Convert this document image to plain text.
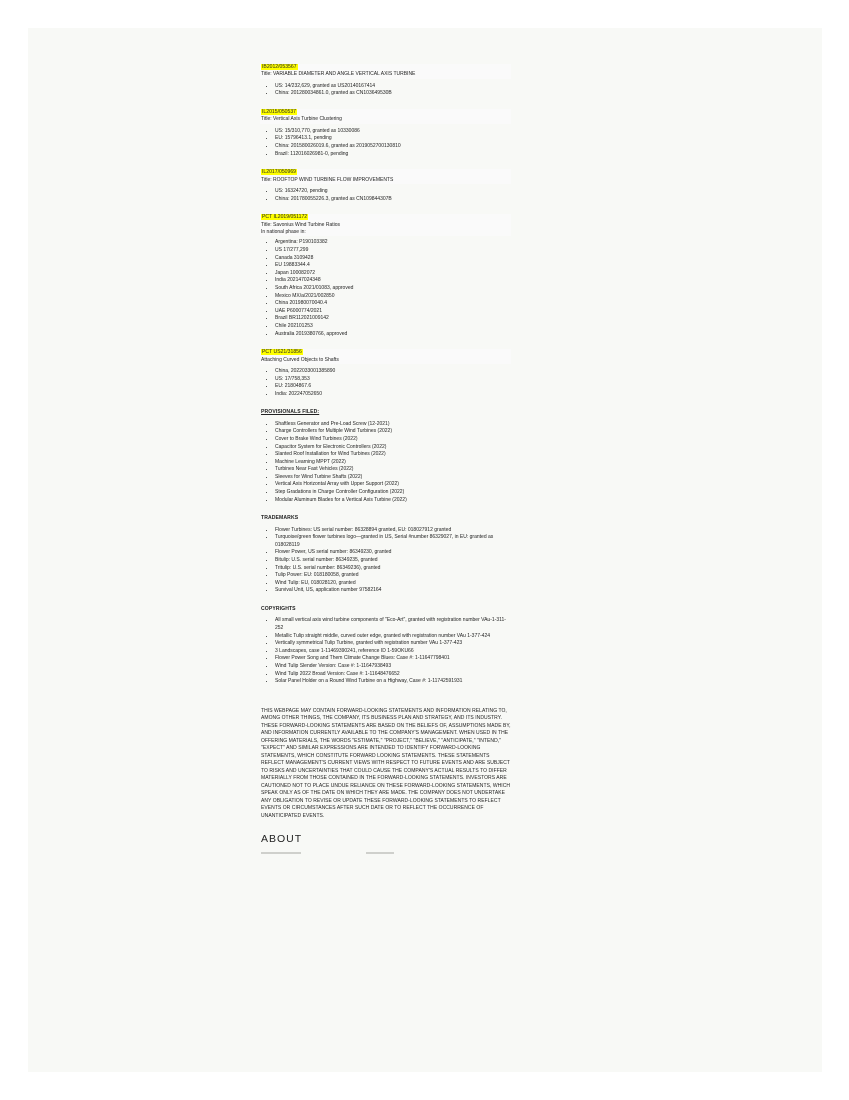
IB2012/053567
Title: VARIABLE DIAMETER AND ANGLE VERTICAL AXIS TURBINE
• US: 14/232,629, granted as US20140167414
• China: 201280034861.0, granted as CN103649530B
IL2015/050537
Title: Vertical Axis Turbine Clustering
• US: 15/310,770, granted as 10330086
• EU: 15796413.1, pending
• China: 201580026019.6, granted as 2019052700130810
• Brazil: 112016026981-0, pending
IL2017/050969
Title: ROOFTOP WIND TURBINE FLOW IMPROVEMENTS
• US: 16324720, pending
• China: 201780055226.3, granted as CN109844307B
PCT IL2019/051172
Title: Savonius Wind Turbine Ratios
In national phase in:
• Argentina: P190103382
• US 17/277,299
• Canada 3109428
• EU 19883344.4
• Japan 100082072
• India 202147024348
• South Africa 2021/01083, approved
• Mexico MX/a/2021/002850
• China 201980070040.4
• UAE P6000774/2021
• Brazil BR112021009142
• Chile 202101253
• Australia 2019380766, approved
PCT US21/31856
Attaching Curved Objects to Shafts
• China, 2022033001385890
• US: 17/758,353
• EU: 21804867.6
• India: 202247052650
PROVISIONALS FILED:
• Shaftless Generator and Pre-Load Screw (12-2021)
• Charge Controllers for Multiple Wind Turbines (2022)
• Cover to Brake Wind Turbines (2022)
• Capacitor System for Electronic Controllers (2022)
• Slanted Roof Installation for Wind Turbines (2022)
• Machine Learning MPPT (2022)
• Turbines Near Fast Vehicles (2022)
• Sleeves for Wind Turbine Shafts (2022)
• Vertical Axis Horizontal Array with Upper Support (2022)
• Step Gradations in Charge Controller Configuration (2022)
• Modular Aluminum Blades for a Vertical Axis Turbine (2022)
TRADEMARKS
• Flower Turbines: US serial number: 86328894 granted, EU: 018027912 granted
• Turquoise/green flower turbines logo—granted in US, Serial #number 86329027, in EU: granted as 018028119
• Flower Power, US serial number: 86349230, granted
• Bitulip: U.S. serial number: 86349235, granted
• Tritulip: U.S. serial number: 86349236), granted
• Tulip Power: EU: 018180058, granted
• Wind Tulip: EU, 018028120, granted
• Survival Unit, US, application number 97582164
COPYRIGHTS
• All small vertical axis wind turbine components of "Eco-Art", granted with registration number VAu-1-311-252
• Metallic Tulip straight middle, curved outer edge, granted with registration number VAu 1-377-424
• Vertically symmetrical Tulip Turbine, granted with registration number VAu 1-377-423
• 3 Landscapes, case 1-11469390241, reference ID 1-59OKU66
• Flower Power Song and Them Climate Change Blues: Case #: 1-11647798401
• Wind Tulip Slender Version: Case #: 1-11647938493
• Wind Tulip 2022 Broad Version: Case #: 1-11648476652
• Solar Panel Holder on a Round Wind Turbine on a Highway, Case #: 1-11742591931
THIS WEBPAGE MAY CONTAIN FORWARD-LOOKING STATEMENTS AND INFORMATION RELATING TO, AMONG OTHER THINGS, THE COMPANY, ITS BUSINESS PLAN AND STRATEGY, AND ITS INDUSTRY. THESE FORWARD-LOOKING STATEMENTS ARE BASED ON THE BELIEFS OF, ASSUMPTIONS MADE BY, AND INFORMATION CURRENTLY AVAILABLE TO THE COMPANY'S MANAGEMENT. WHEN USED IN THE OFFERING MATERIALS, THE WORDS "ESTIMATE," "PROJECT," "BELIEVE," "ANTICIPATE," "INTEND," "EXPECT" AND SIMILAR EXPRESSIONS ARE INTENDED TO IDENTIFY FORWARD-LOOKING STATEMENTS, WHICH CONSTITUTE FORWARD LOOKING STATEMENTS. THESE STATEMENTS REFLECT MANAGEMENT'S CURRENT VIEWS WITH RESPECT TO FUTURE EVENTS AND ARE SUBJECT TO RISKS AND UNCERTAINTIES THAT COULD CAUSE THE COMPANY'S ACTUAL RESULTS TO DIFFER MATERIALLY FROM THOSE CONTAINED IN THE FORWARD-LOOKING STATEMENTS. INVESTORS ARE CAUTIONED NOT TO PLACE UNDUE RELIANCE ON THESE FORWARD-LOOKING STATEMENTS, WHICH SPEAK ONLY AS OF THE DATE ON WHICH THEY ARE MADE. THE COMPANY DOES NOT UNDERTAKE ANY OBLIGATION TO REVISE OR UPDATE THESE FORWARD-LOOKING STATEMENTS TO REFLECT EVENTS OR CIRCUMSTANCES AFTER SUCH DATE OR TO REFLECT THE OCCURRENCE OF UNANTICIPATED EVENTS.
ABOUT
